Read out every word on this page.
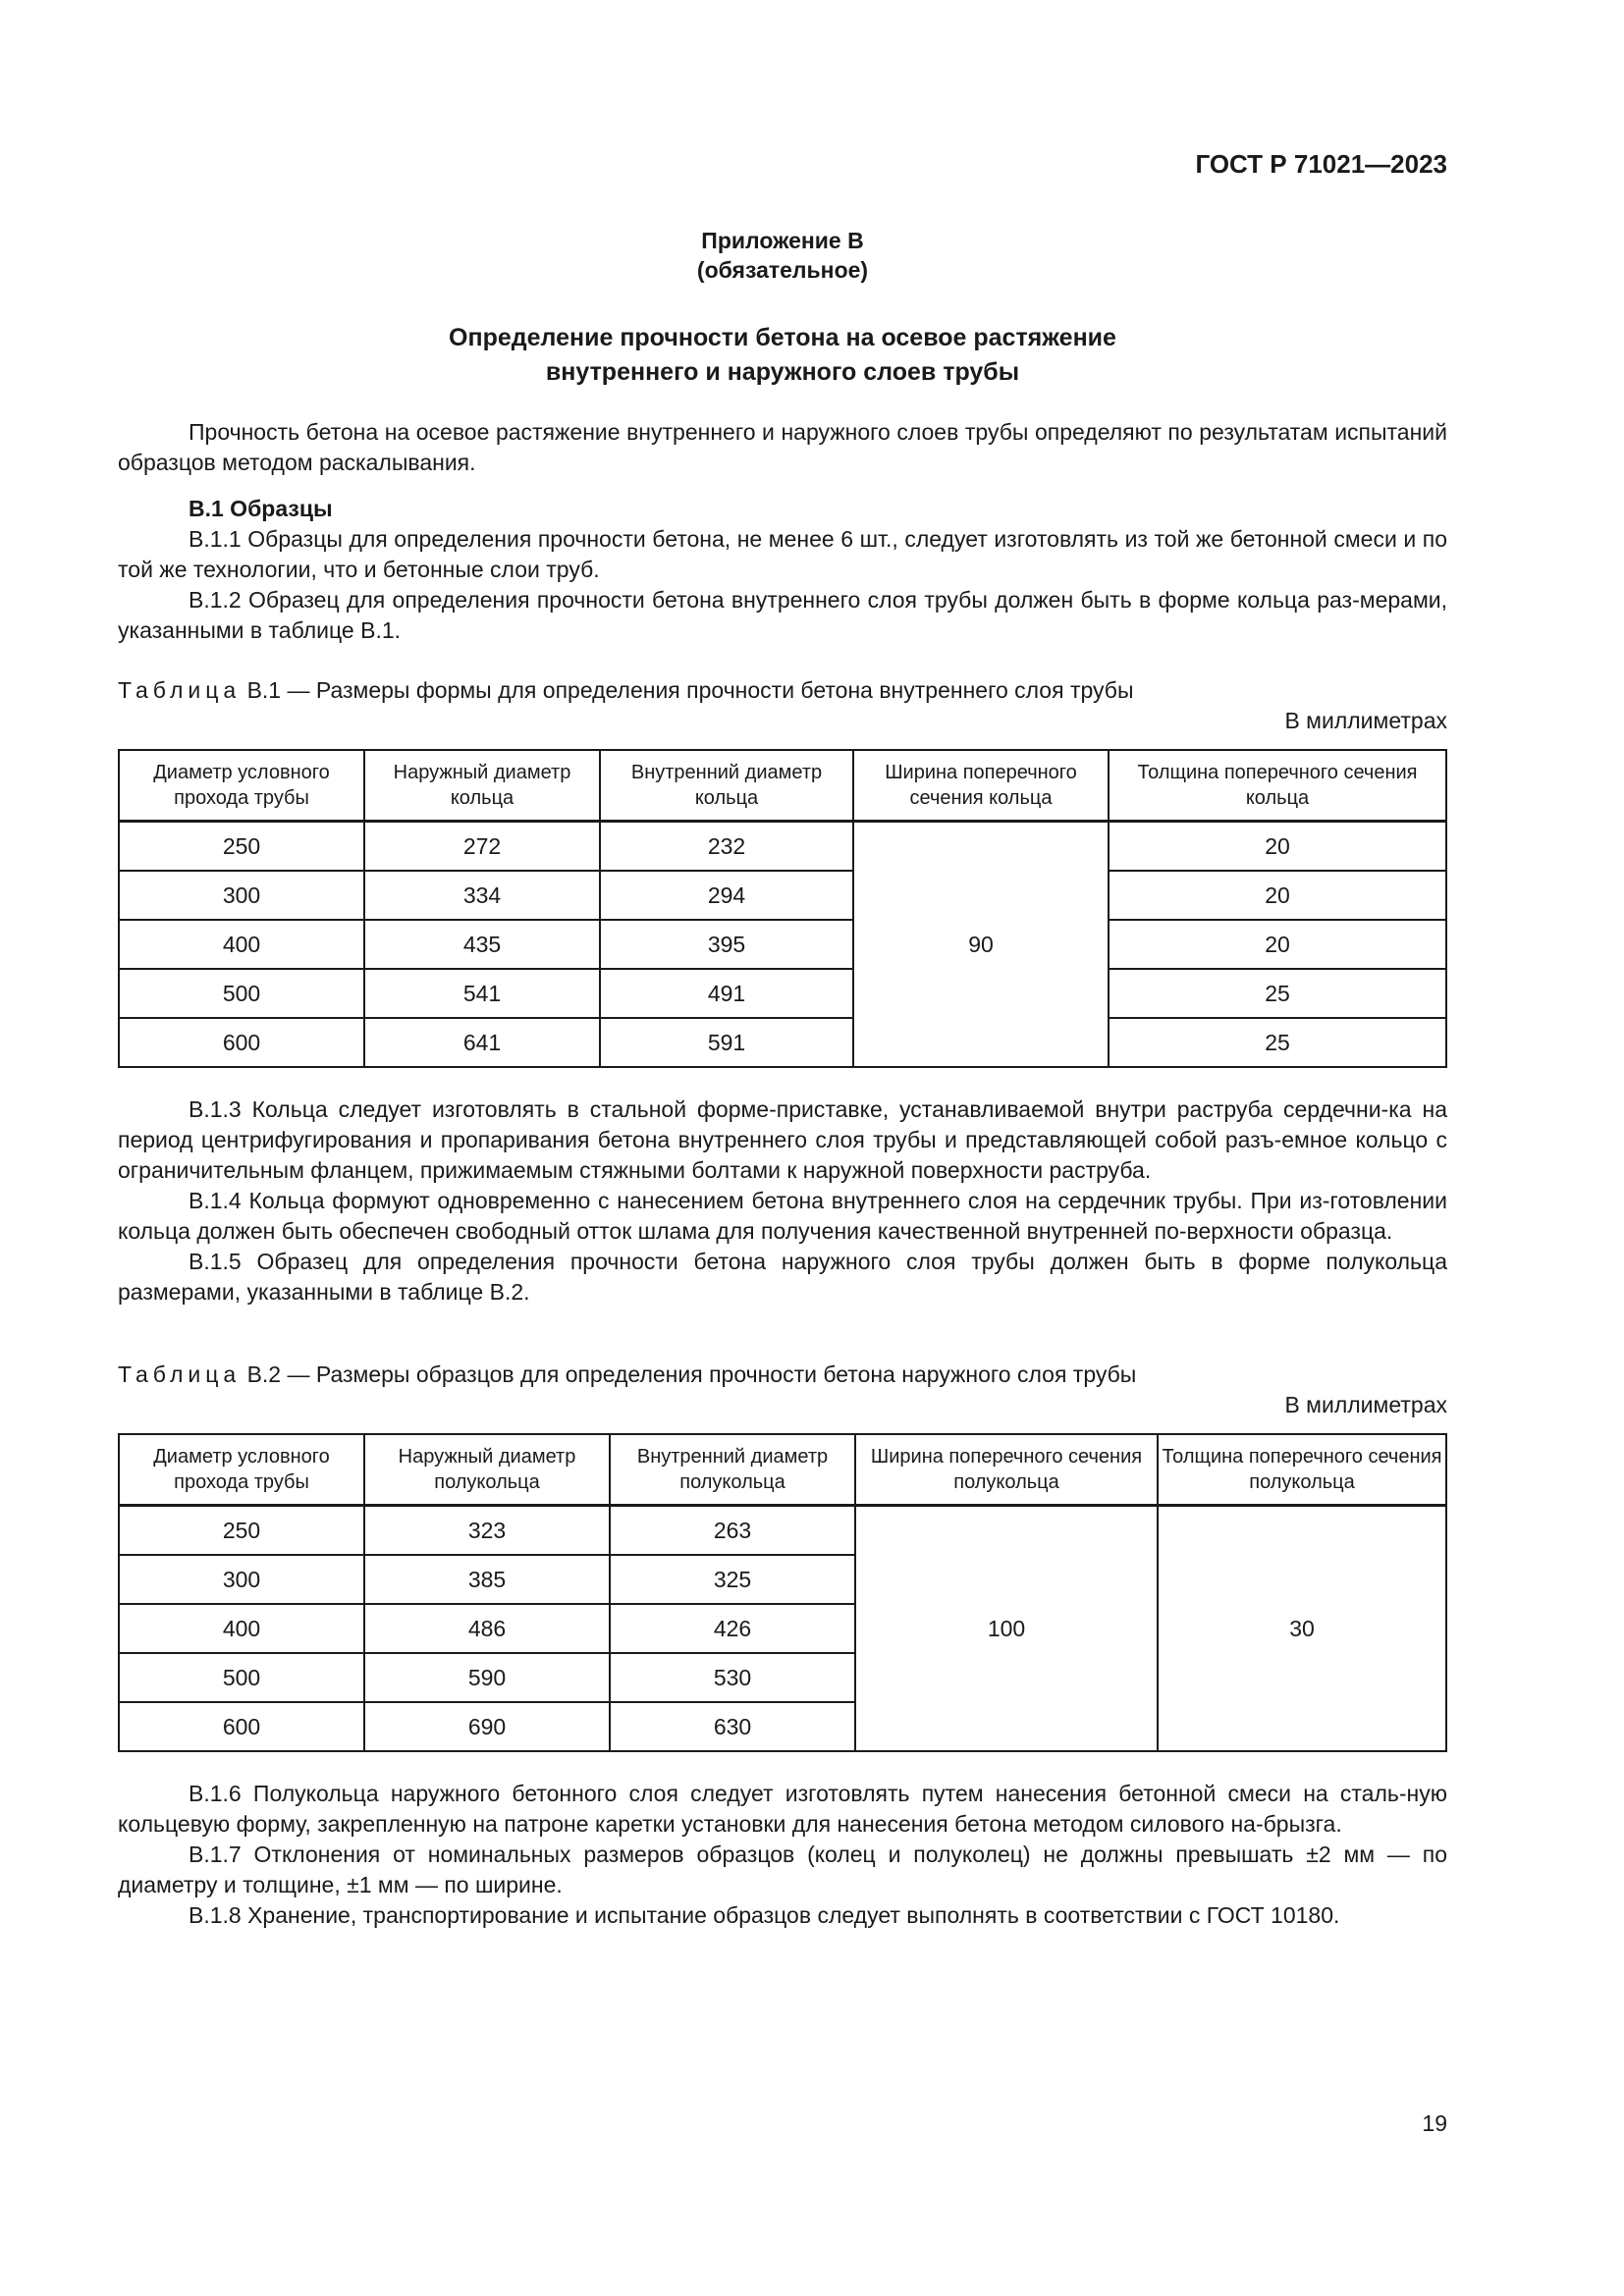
ГОСТ Р 71021—2023
Приложение В
(обязательное)
Определение прочности бетона на осевое растяжение
внутреннего и наружного слоев трубы

Прочность бетона на осевое растяжение внутреннего и наружного слоев трубы определяют по результатам испытаний образцов методом раскалывания.

В.1 Образцы

В.1.1 Образцы для определения прочности бетона, не менее 6 шт., следует изготовлять из той же бетонной смеси и по той же технологии, что и бетонные слои труб.

В.1.2 Образец для определения прочности бетона внутреннего слоя трубы должен быть в форме кольца раз-мерами, указанными в таблице В.1.

Таблица В.1 — Размеры формы для определения прочности бетона внутреннего слоя трубы
В миллиметрах
Диаметр условного прохода трубы	Наружный диаметр кольца	Внутренний диаметр кольца	Ширина поперечного сечения кольца	Толщина поперечного сечения кольца
250	272	232	90	20
300	334	294		20
400	435	395		20
500	541	491		25
600	641	591		25

В.1.3 Кольца следует изготовлять в стальной форме-приставке, устанавливаемой внутри раструба сердечни-ка на период центрифугирования и пропаривания бетона внутреннего слоя трубы и представляющей собой разъ-емное кольцо с ограничительным фланцем, прижимаемым стяжными болтами к наружной поверхности раструба.

В.1.4 Кольца формуют одновременно с нанесением бетона внутреннего слоя на сердечник трубы. При из-готовлении кольца должен быть обеспечен свободный отток шлама для получения качественной внутренней по-верхности образца.

В.1.5 Образец для определения прочности бетона наружного слоя трубы должен быть в форме полукольца размерами, указанными в таблице В.2.

Таблица В.2 — Размеры образцов для определения прочности бетона наружного слоя трубы
В миллиметрах
Диаметр условного прохода трубы	Наружный диаметр полукольца	Внутренний диаметр полукольца	Ширина поперечного сечения полукольца	Толщина поперечного сечения полукольца
250	323	263	100	30
300	385	325		
400	486	426		
500	590	530		
600	690	630		

В.1.6 Полукольца наружного бетонного слоя следует изготовлять путем нанесения бетонной смеси на сталь-ную кольцевую форму, закрепленную на патроне каретки установки для нанесения бетона методом силового на-брызга.

В.1.7 Отклонения от номинальных размеров образцов (колец и полуколец) не должны превышать ±2 мм — по диаметру и толщине, ±1 мм — по ширине.

В.1.8 Хранение, транспортирование и испытание образцов следует выполнять в соответствии с ГОСТ 10180.

19
